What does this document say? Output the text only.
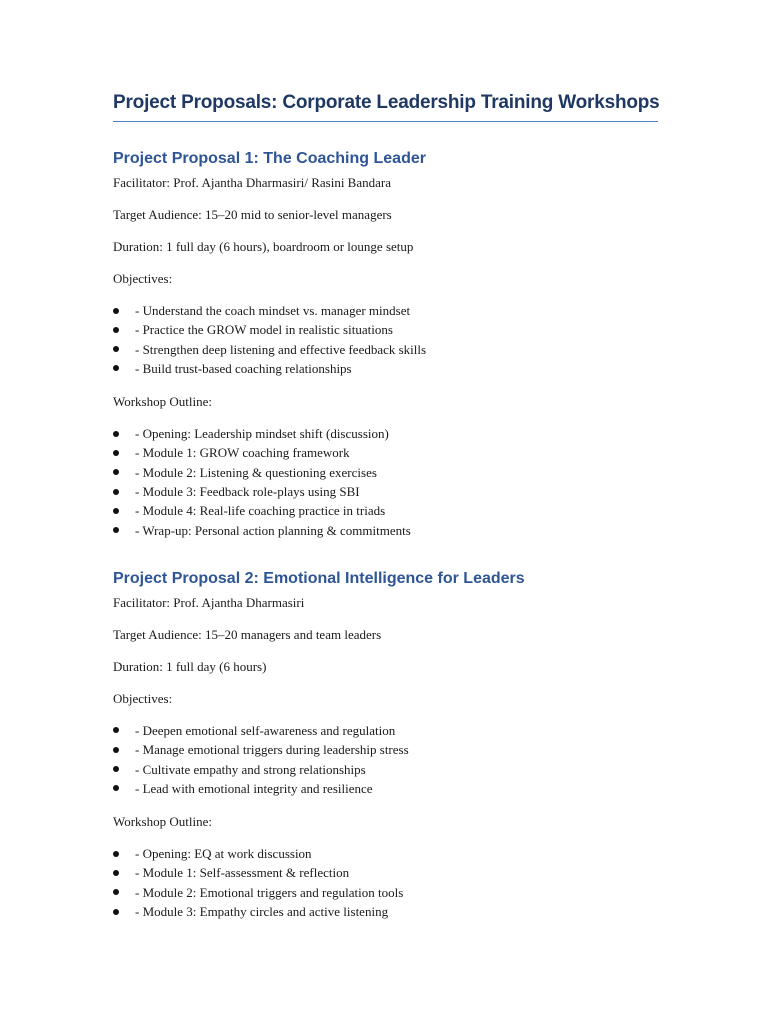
Project Proposals: Corporate Leadership Training Workshops
Project Proposal 1: The Coaching Leader

Facilitator: Prof. Ajantha Dharmasiri/ Rasini Bandara

Target Audience: 15–20 mid to senior-level managers

Duration: 1 full day (6 hours), boardroom or lounge setup

Objectives:

- Understand the coach mindset vs. manager mindset
- Practice the GROW model in realistic situations
- Strengthen deep listening and effective feedback skills
- Build trust-based coaching relationships

Workshop Outline:

- Opening: Leadership mindset shift (discussion)
- Module 1: GROW coaching framework
- Module 2: Listening & questioning exercises
- Module 3: Feedback role-plays using SBI
- Module 4: Real-life coaching practice in triads
- Wrap-up: Personal action planning & commitments
Project Proposal 2: Emotional Intelligence for Leaders

Facilitator: Prof. Ajantha Dharmasiri

Target Audience: 15–20 managers and team leaders

Duration: 1 full day (6 hours)

Objectives:

- Deepen emotional self-awareness and regulation
- Manage emotional triggers during leadership stress
- Cultivate empathy and strong relationships
- Lead with emotional integrity and resilience

Workshop Outline:

- Opening: EQ at work discussion
- Module 1: Self-assessment & reflection
- Module 2: Emotional triggers and regulation tools
- Module 3: Empathy circles and active listening
